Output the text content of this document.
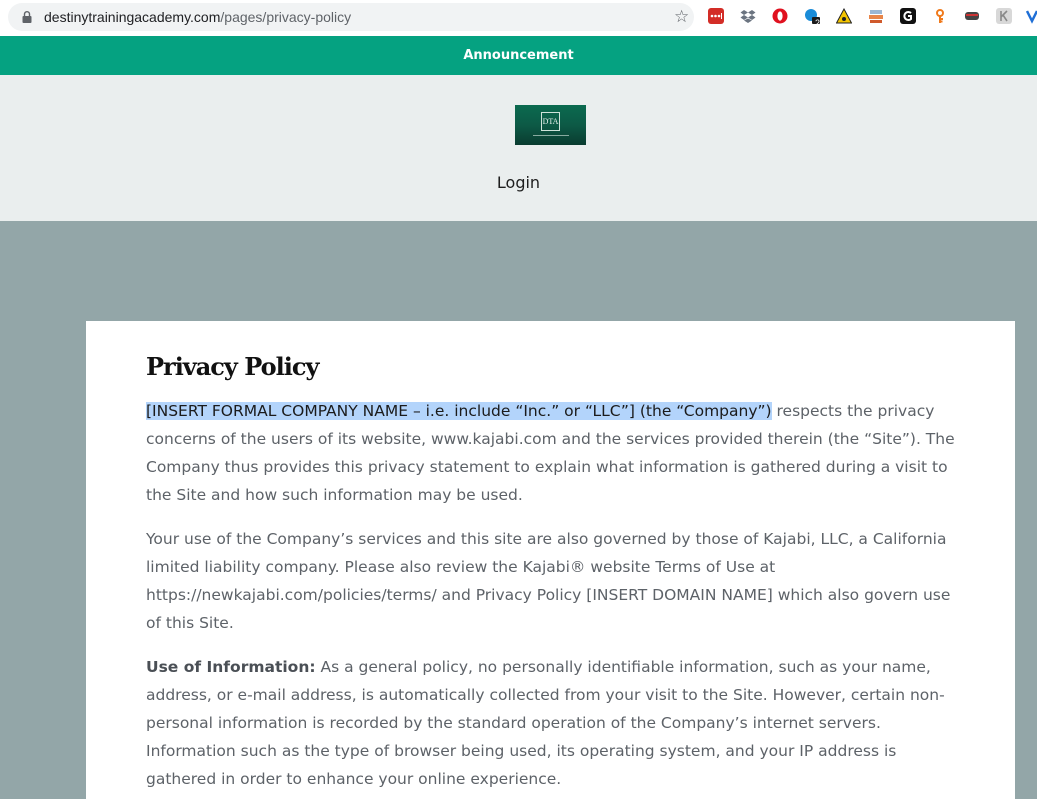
destinytrainingacademy.com/pages/privacy-policy	☆	2
Announcement
DTA
Login
Privacy Policy

[INSERT FORMAL COMPANY NAME – i.e. include “Inc.” or “LLC”] (the “Company”) respects the privacy concerns of the users of its website, www.kajabi.com and the services provided therein (the “Site”). The Company thus provides this privacy statement to explain what information is gathered during a visit to the Site and how such information may be used.

Your use of the Company’s services and this site are also governed by those of Kajabi, LLC, a California limited liability company. Please also review the Kajabi® website Terms of Use at https://newkajabi.com/policies/terms/ and Privacy Policy [INSERT DOMAIN NAME] which also govern use of this Site.

Use of Information: As a general policy, no personally identifiable information, such as your name, address, or e-mail address, is automatically collected from your visit to the Site. However, certain non-personal information is recorded by the standard operation of the Company’s internet servers. Information such as the type of browser being used, its operating system, and your IP address is gathered in order to enhance your online experience.
